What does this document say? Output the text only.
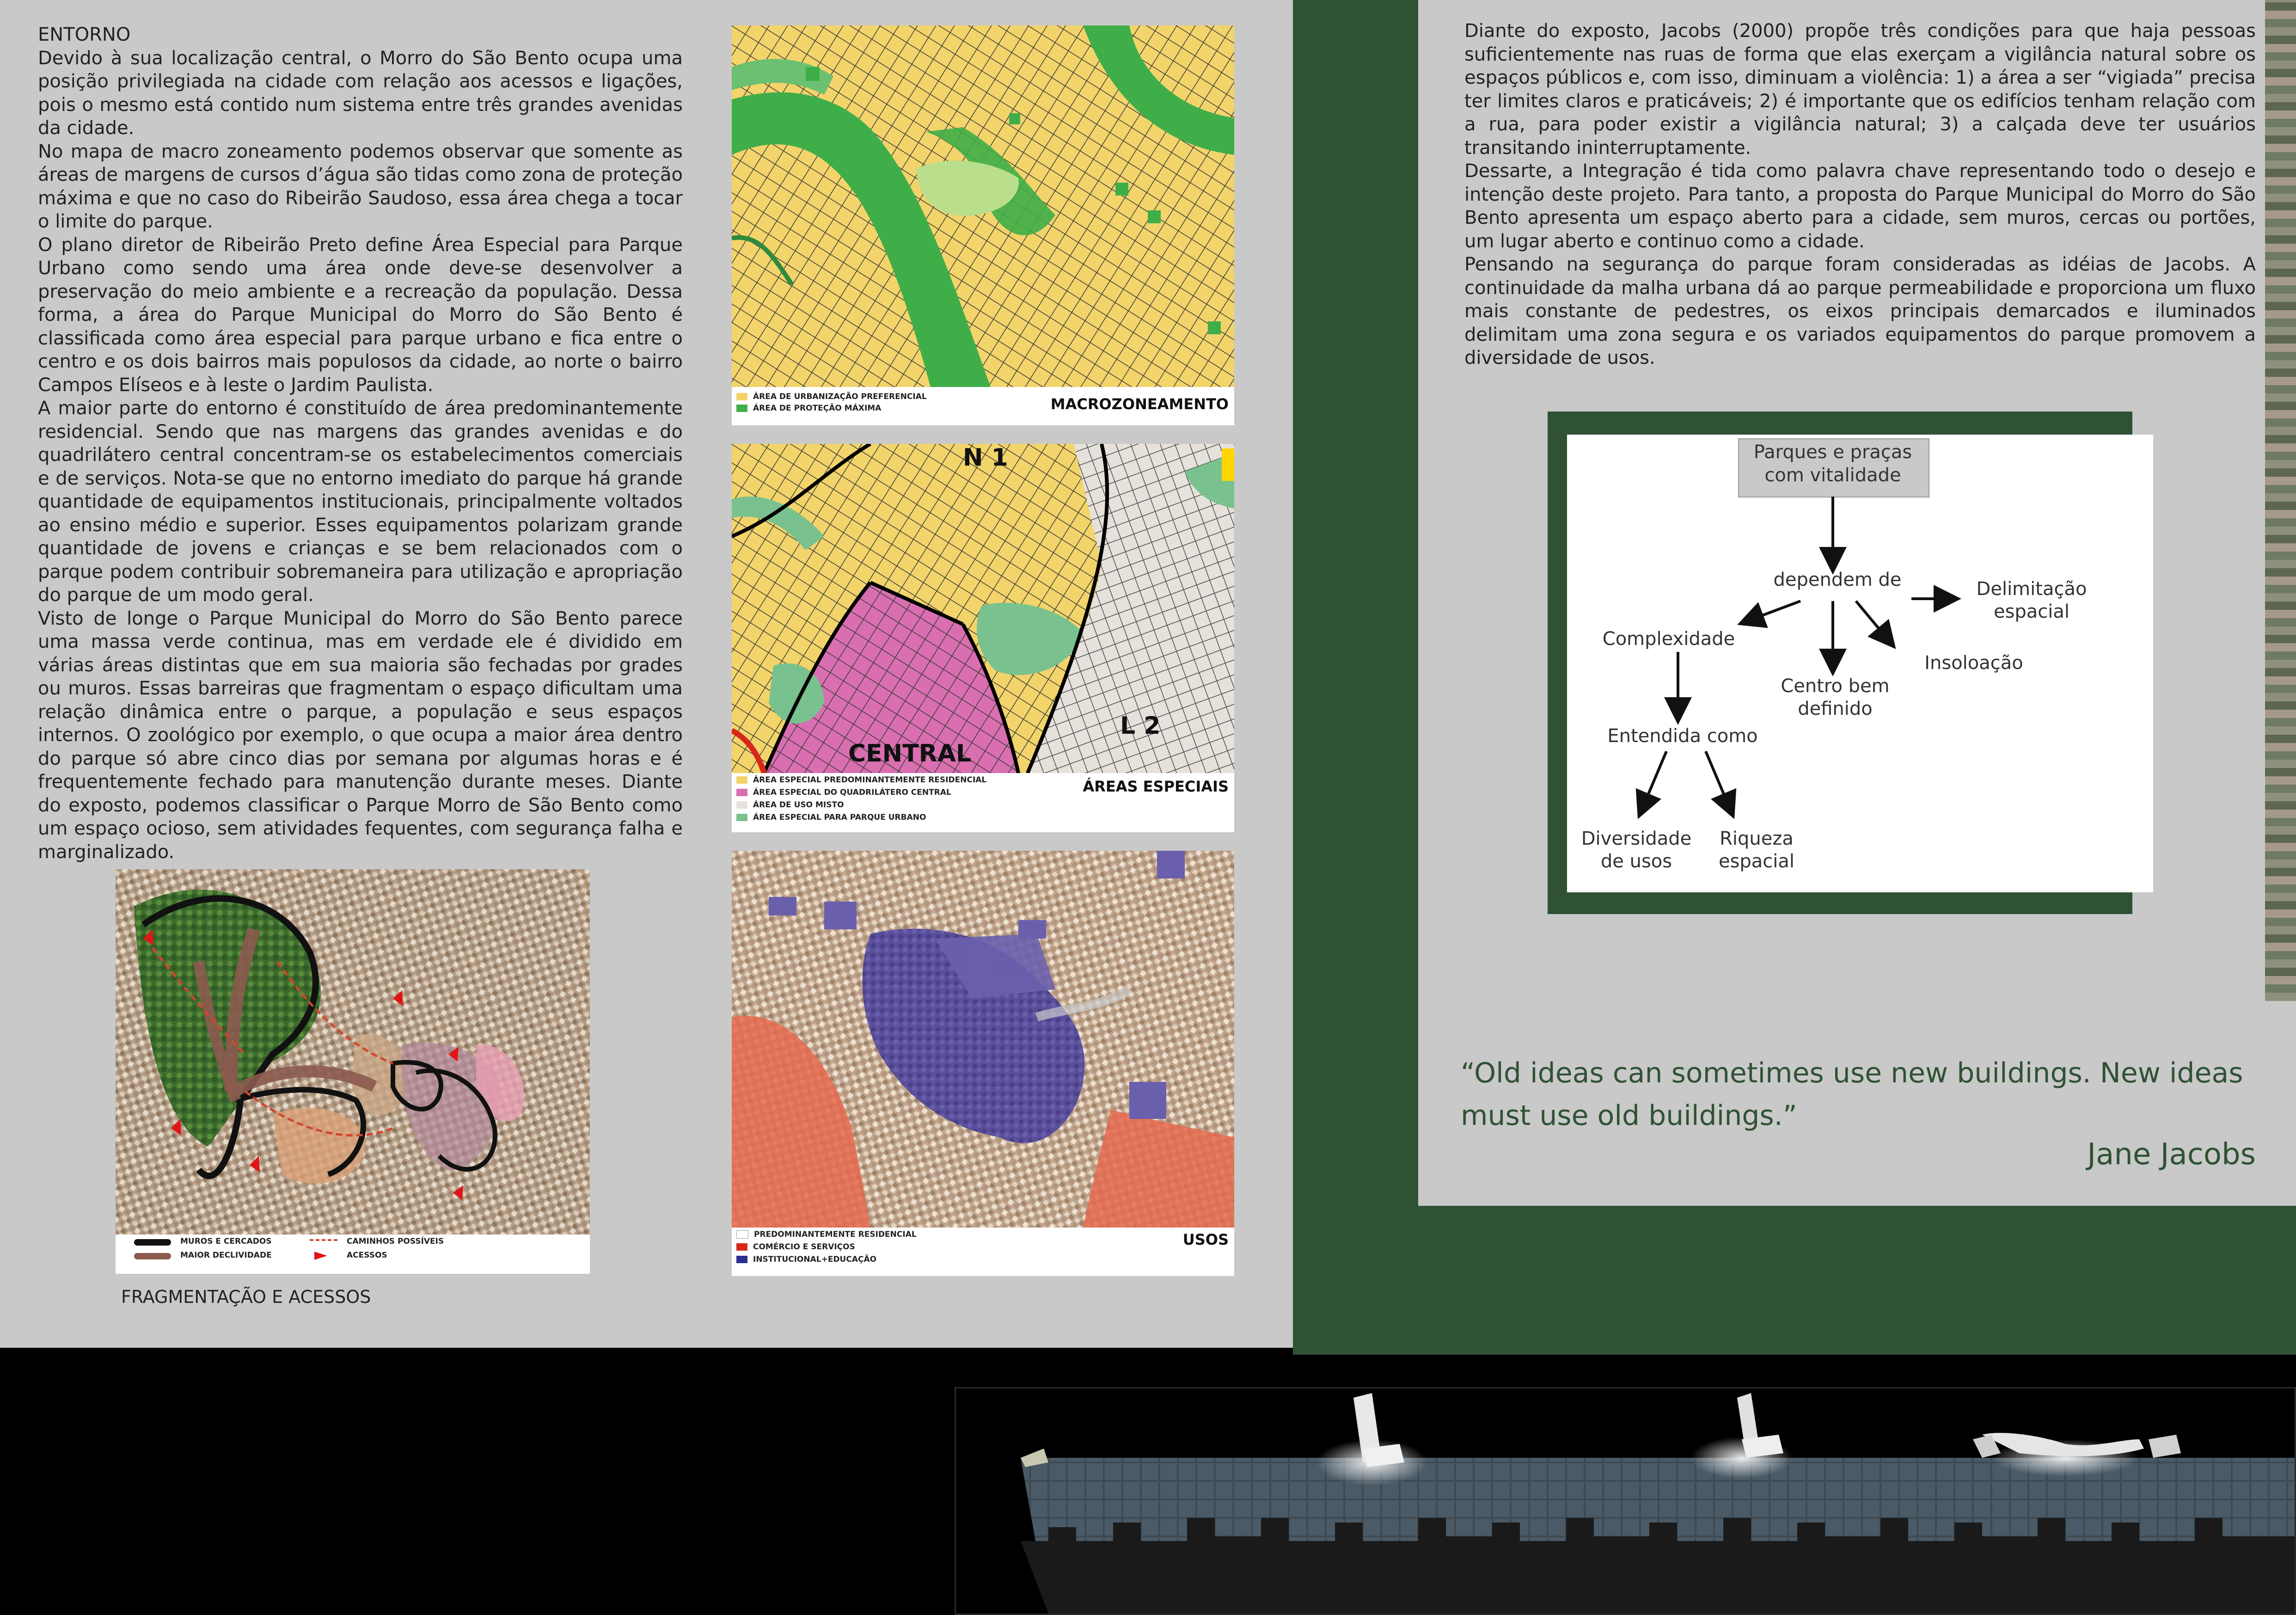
ENTORNO

Devido à sua localização central, o Morro do São Bento ocupa uma posição privilegiada na cidade com relação aos acessos e ligações, pois o mesmo está contido num sistema entre três grandes avenidas da cidade.

No mapa de macro zoneamento podemos observar que somente as áreas de margens de cursos d’água são tidas como zona de proteção máxima e que no caso do Ribeirão Saudoso, essa área chega a tocar o limite do parque.

O plano diretor de Ribeirão Preto define Área Especial para Parque Urbano como sendo uma área onde deve-se desenvolver a preservação do meio ambiente e a recreação da população. Dessa forma, a área do Parque Municipal do Morro do São Bento é classificada como área especial para parque urbano e fica entre o centro e os dois bairros mais populosos da cidade, ao norte o bairro Campos Elíseos e à leste o Jardim Paulista.

A maior parte do entorno é constituído de área predominantemente residencial. Sendo que nas margens das grandes avenidas e do quadrilátero central concentram-se os estabelecimentos comerciais e de serviços. Nota-se que no entorno imediato do parque há grande quantidade de equipamentos institucionais, principalmente voltados ao ensino médio e superior. Esses equipamentos polarizam grande quantidade de jovens e crianças e se bem relacionados com o parque podem contribuir sobremaneira para utilização e apropriação do parque de um modo geral.

Visto de longe o Parque Municipal do Morro do São Bento parece uma massa verde continua, mas em verdade ele é dividido em várias áreas distintas que em sua maioria são fechadas por grades ou muros. Essas barreiras que fragmentam o espaço dificultam uma relação dinâmica entre o parque, a população e seus espaços internos. O zoológico por exemplo, o que ocupa a maior área dentro do parque só abre cinco dias por semana por algumas horas e é frequentemente fechado para manutenção durante meses. Diante do exposto, podemos classificar o Parque Morro de São Bento como um espaço ocioso, sem atividades fequentes, com segurança falha e marginalizado.

MUROS E CERCADOS
MAIOR DECLIVIDADE
CAMINHOS POSSÍVEIS
ACESSOS
FRAGMENTAÇÃO E ACESSOS
ÁREA DE URBANIZAÇÃO PREFERENCIAL
ÁREA DE PROTEÇÃO MÁXIMA	MACROZONEAMENTO
N 1
CENTRAL
L 2
ÁREA ESPECIAL PREDOMINANTEMENTE RESIDENCIAL
ÁREA ESPECIAL DO QUADRILÁTERO CENTRAL
ÁREA DE USO MISTO
ÁREA ESPECIAL PARA PARQUE URBANO
ÁREAS ESPECIAIS
PREDOMINANTEMENTE RESIDENCIAL
COMÉRCIO E SERVIÇOS
INSTITUCIONAL+EDUCAÇÃO
USOS

Diante do exposto, Jacobs (2000) propõe três condições para que haja pessoas suficientemente nas ruas de forma que elas exerçam a vigilância natural sobre os espaços públicos e, com isso, diminuam a violência: 1) a área a ser “vigiada” precisa ter limites claros e praticáveis; 2) é importante que os edifícios tenham relação com a rua, para poder existir a vigilância natural; 3) a calçada deve ter usuários transitando ininterruptamente.

Dessarte, a Integração é tida como palavra chave representando todo o desejo e intenção deste projeto. Para tanto, a proposta do Parque Municipal do Morro do São Bento apresenta um espaço aberto para a cidade, sem muros, cercas ou portões, um lugar aberto e continuo como a cidade.

Pensando na segurança do parque foram consideradas as idéias de Jacobs. A continuidade da malha urbana dá ao parque permeabilidade e proporciona um fluxo mais constante de pedestres, os eixos principais demarcados e iluminados delimitam uma zona segura e os variados equipamentos do parque promovem a diversidade de usos.

Parques e praças
com vitalidade
dependem de	Delimitação
espacial
Complexidade
Insoloação
Centro bem
definido
Entendida como
Diversidade
de usos
Riqueza
espacial
“Old ideas can sometimes use new buildings. New ideas must use old buildings.”
Jane Jacobs
